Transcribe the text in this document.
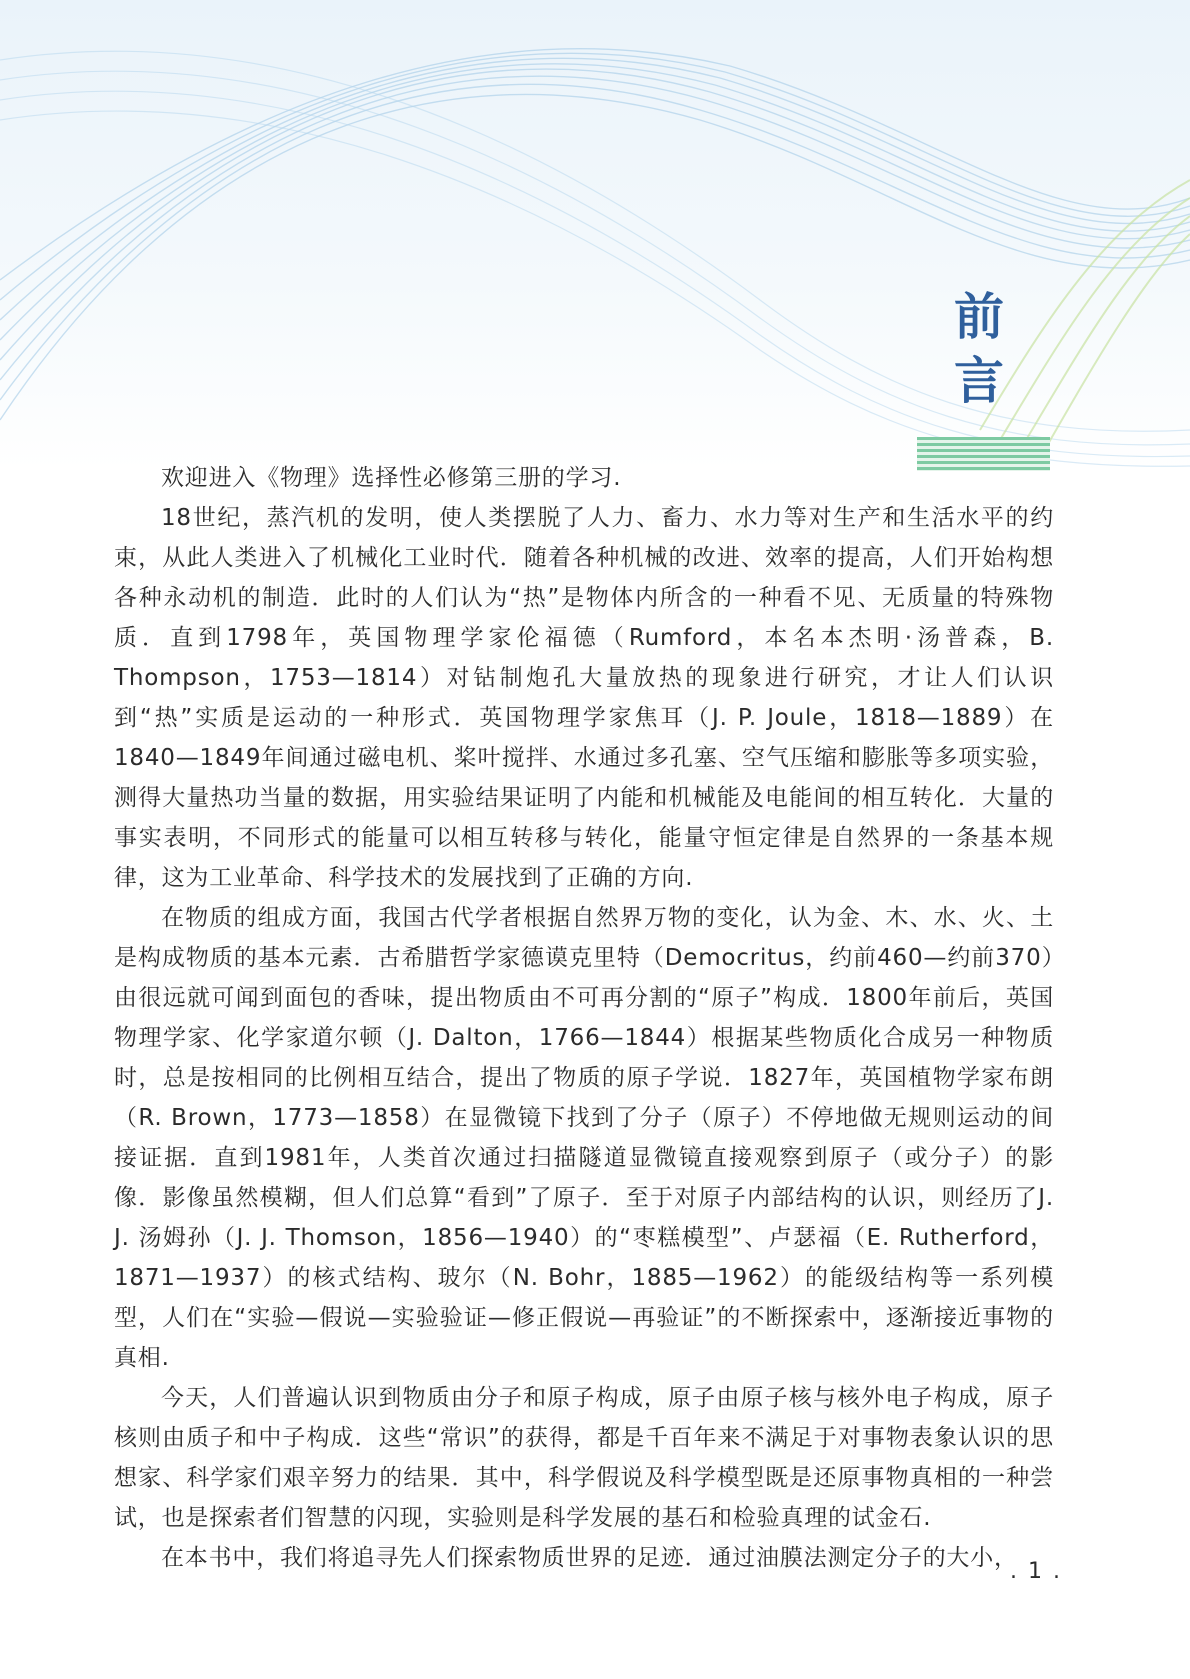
前 言

欢迎进入《物理》选择性必修第三册的学习.

18世纪，蒸汽机的发明，使人类摆脱了人力、畜力、水力等对生产和生活水平的约束，从此人类进入了机械化工业时代．随着各种机械的改进、效率的提高，人们开始构想各种永动机的制造．此时的人们认为“热”是物体内所含的一种看不见、无质量的特殊物质．直到1798年，英国物理学家伦福德（Rumford，本名本杰明·汤普森，B. Thompson，1753—1814）对钻制炮孔大量放热的现象进行研究，才让人们认识到“热”实质是运动的一种形式．英国物理学家焦耳（J. P. Joule，1818—1889）在1840—1849年间通过磁电机、桨叶搅拌、水通过多孔塞、空气压缩和膨胀等多项实验，测得大量热功当量的数据，用实验结果证明了内能和机械能及电能间的相互转化．大量的事实表明，不同形式的能量可以相互转移与转化，能量守恒定律是自然界的一条基本规律，这为工业革命、科学技术的发展找到了正确的方向.

在物质的组成方面，我国古代学者根据自然界万物的变化，认为金、木、水、火、土是构成物质的基本元素．古希腊哲学家德谟克里特（Democritus，约前460—约前370）由很远就可闻到面包的香味，提出物质由不可再分割的“原子”构成．1800年前后，英国物理学家、化学家道尔顿（J. Dalton，1766—1844）根据某些物质化合成另一种物质时，总是按相同的比例相互结合，提出了物质的原子学说．1827年，英国植物学家布朗（R. Brown，1773—1858）在显微镜下找到了分子（原子）不停地做无规则运动的间接证据．直到1981年，人类首次通过扫描隧道显微镜直接观察到原子（或分子）的影像．影像虽然模糊，但人们总算“看到”了原子．至于对原子内部结构的认识，则经历了J. J. 汤姆孙（J. J. Thomson，1856—1940）的“枣糕模型”、卢瑟福（E. Rutherford，1871—1937）的核式结构、玻尔（N. Bohr，1885—1962）的能级结构等一系列模型，人们在“实验—假说—实验验证—修正假说—再验证”的不断探索中，逐渐接近事物的真相.

今天，人们普遍认识到物质由分子和原子构成，原子由原子核与核外电子构成，原子核则由质子和中子构成．这些“常识”的获得，都是千百年来不满足于对事物表象认识的思想家、科学家们艰辛努力的结果．其中，科学假说及科学模型既是还原事物真相的一种尝试，也是探索者们智慧的闪现，实验则是科学发展的基石和检验真理的试金石.

在本书中，我们将追寻先人们探索物质世界的足迹．通过油膜法测定分子的大小，

. 1 .
